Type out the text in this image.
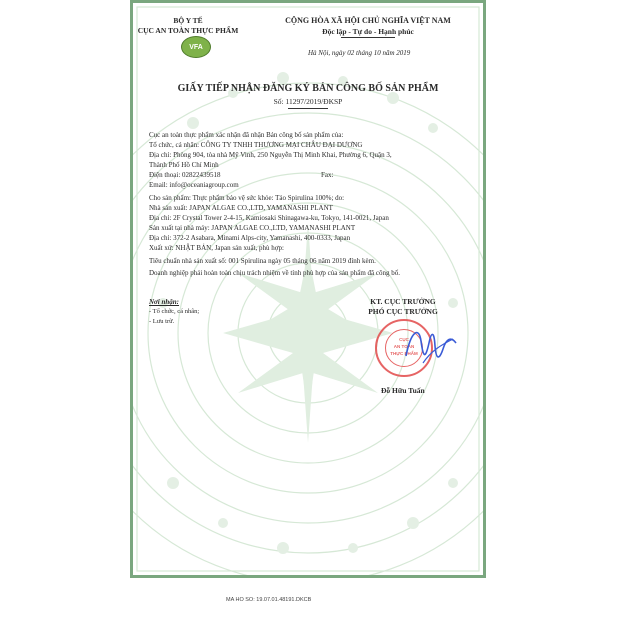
BỘ Y TẾ
CỤC AN TOÀN THỰC PHẨM
VFA
CỘNG HÒA XÃ HỘI CHỦ NGHĨA VIỆT NAM
Độc lập - Tự do - Hạnh phúc
Hà Nội, ngày 02 tháng 10 năm 2019
GIẤY TIẾP NHẬN ĐĂNG KÝ BẢN CÔNG BỐ SẢN PHẨM
Số: 11297/2019/ĐKSP
Cục an toàn thực phẩm xác nhận đã nhận Bản công bố sản phẩm của:
Tổ chức, cá nhân: CÔNG TY TNHH THƯƠNG MẠI CHÂU ĐẠI DƯƠNG
Địa chỉ: Phòng 904, tòa nhà Mỹ Vinh, 250 Nguyễn Thị Minh Khai, Phường 6, Quận 3,
Thành Phố Hồ Chí Minh
Điện thoại: 02822439518	Fax:
Email: info@oceaniagroup.com
Cho sản phẩm: Thực phẩm bảo vệ sức khỏe: Tảo Spirulina 100%; do:
Nhà sản xuất: JAPAN ALGAE CO.,LTD, YAMANASHI PLANT
Địa chỉ: 2F Crystal Tower 2-4-15, Kamiosaki Shinagawa-ku, Tokyo, 141-0021, Japan
Sản xuất tại nhà máy: JAPAN ALGAE CO.,LTD, YAMANASHI PLANT
Địa chỉ: 372-2 Asabara, Minami Alps-city, Yamanashi, 400-0333, Japan
Xuất xứ: NHẬT BẢN, Japan sản xuất, phù hợp:
Tiêu chuẩn nhà sản xuất số: 001 Spirulina ngày 05 tháng 06 năm 2019 đính kèm.
Doanh nghiệp phải hoàn toàn chịu trách nhiệm về tính phù hợp của sản phẩm đã công bố.
Nơi nhận:
- Tổ chức, cá nhân;
- Lưu trữ.
KT. CỤC TRƯỞNG
PHÓ CỤC TRƯỞNG
CỤC
AN TOÀN
THỰC PHẨM
Đỗ Hữu Tuấn
MA HO SO: 19.07.01.48191.DKCB
